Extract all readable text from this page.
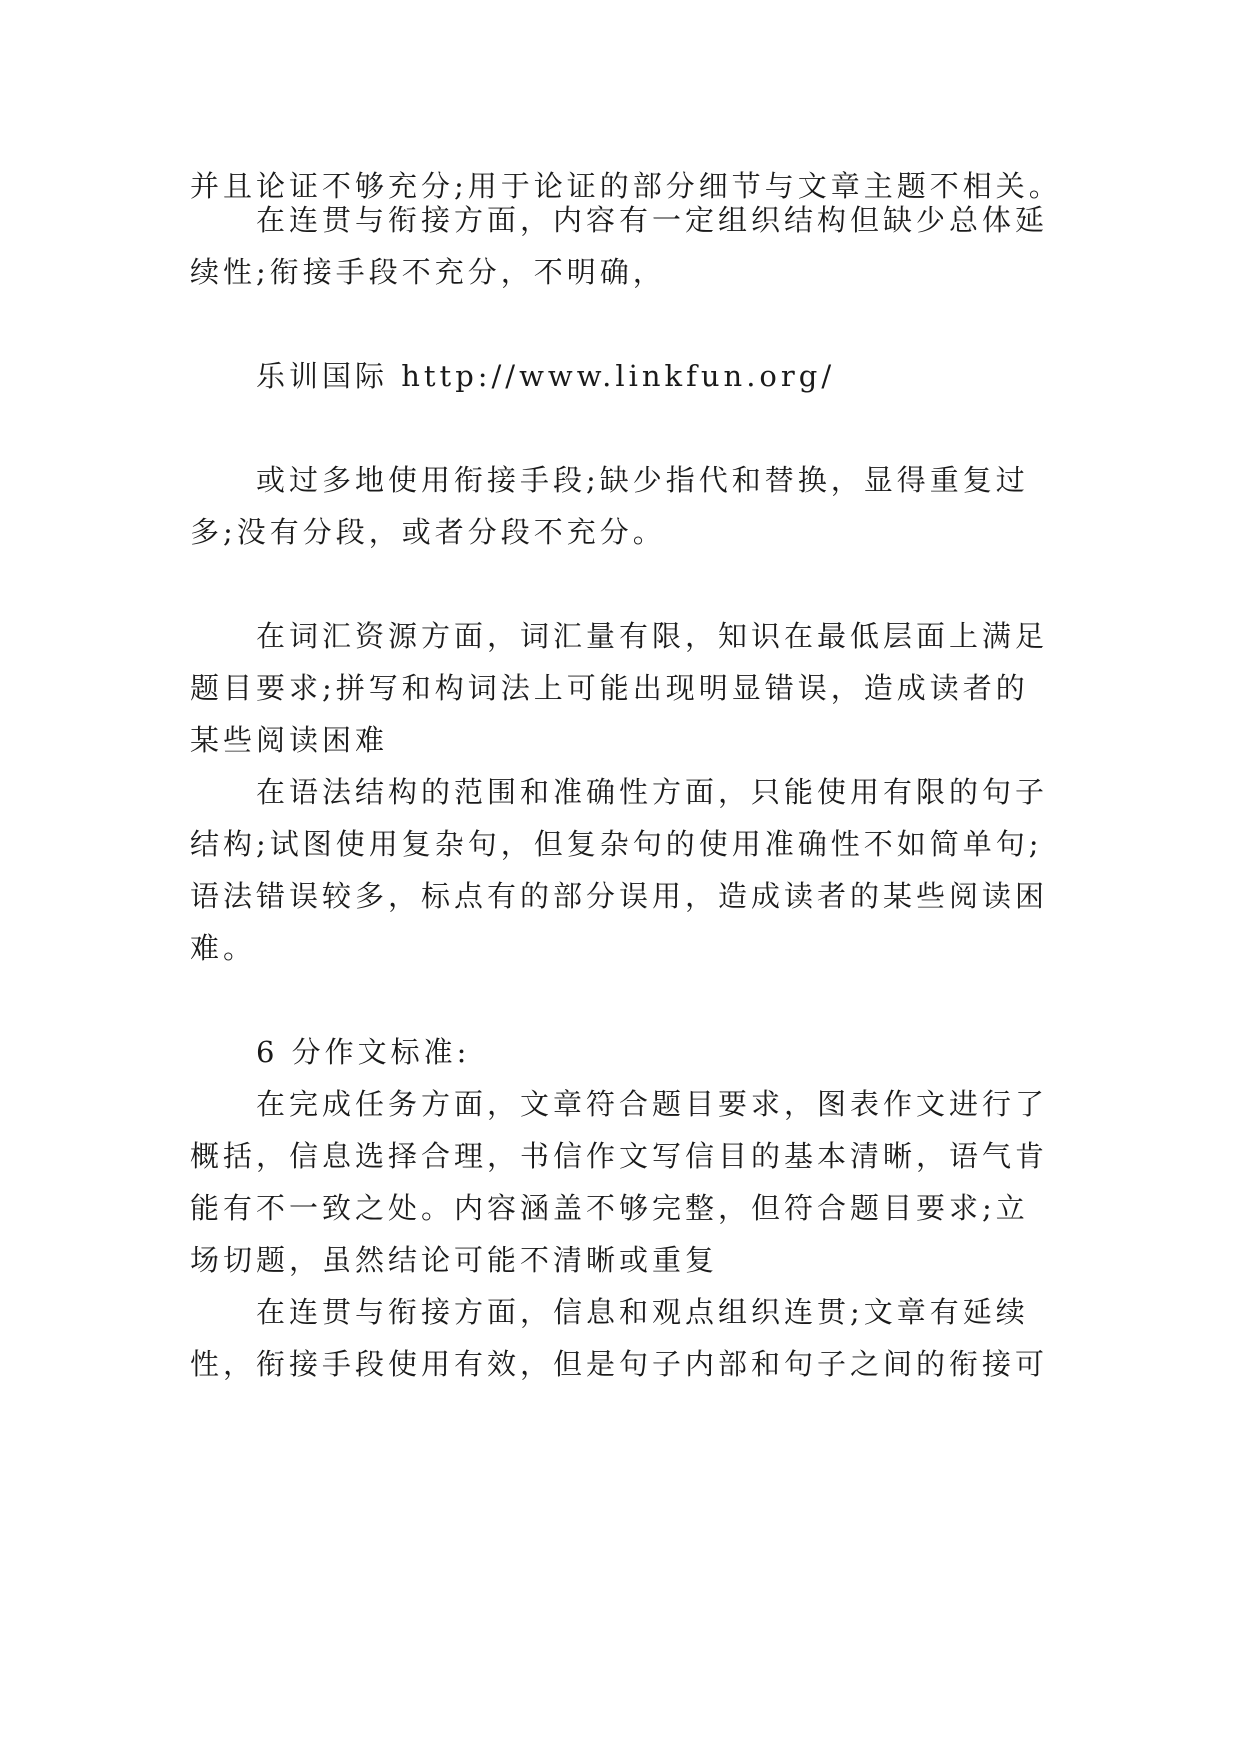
并且论证不够充分;用于论证的部分细节与文章主题不相关。
在连贯与衔接方面，内容有一定组织结构但缺少总体延
续性;衔接手段不充分，不明确，
乐训国际 http://www.linkfun.org/
或过多地使用衔接手段;缺少指代和替换，显得重复过
多;没有分段，或者分段不充分。
在词汇资源方面，词汇量有限，知识在最低层面上满足
题目要求;拼写和构词法上可能出现明显错误，造成读者的
某些阅读困难
在语法结构的范围和准确性方面，只能使用有限的句子
结构;试图使用复杂句，但复杂句的使用准确性不如简单句;
语法错误较多，标点有的部分误用，造成读者的某些阅读困
难。
6 分作文标准:
在完成任务方面，文章符合题目要求，图表作文进行了
概括，信息选择合理，书信作文写信目的基本清晰，语气肯
能有不一致之处。内容涵盖不够完整，但符合题目要求;立
场切题，虽然结论可能不清晰或重复
在连贯与衔接方面，信息和观点组织连贯;文章有延续
性，衔接手段使用有效，但是句子内部和句子之间的衔接可
